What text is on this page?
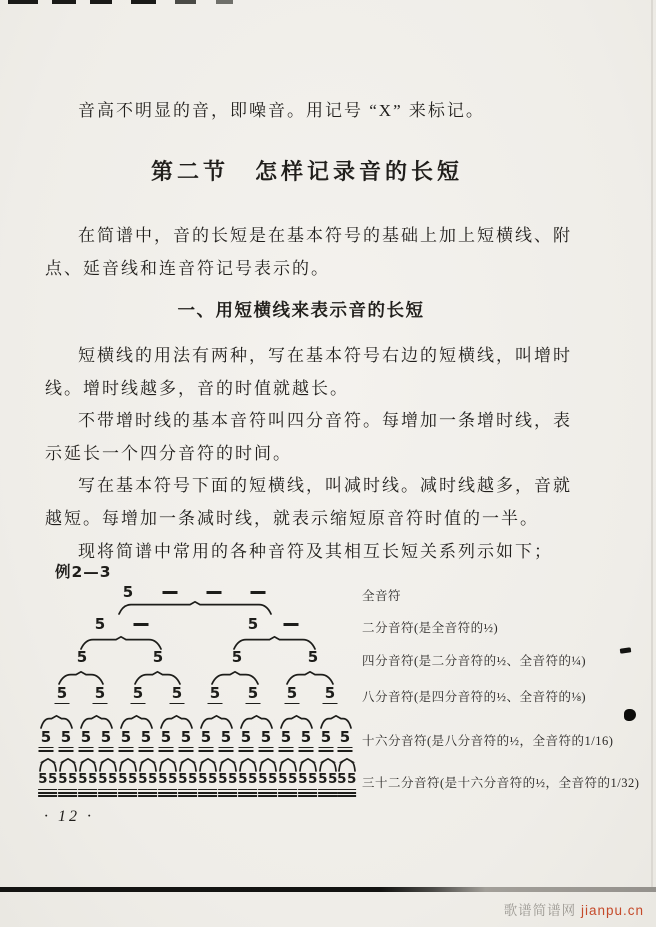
音高不明显的音，即噪音。用记号 “X” 来标记。
第二节　怎样记录音的长短
在简谱中，音的长短是在基本符号的基础上加上短横线、附
点、延音线和连音符记号表示的。
一、用短横线来表示音的长短
短横线的用法有两种，写在基本符号右边的短横线，叫增时
线。增时线越多，音的时值就越长。
不带增时线的基本音符叫四分音符。每增加一条增时线，表
示延长一个四分音符的时间。
写在基本符号下面的短横线，叫减时线。减时线越多，音就
越短。每增加一条减时线，就表示缩短原音符时值的一半。
现将简谱中常用的各种音符及其相互长短关系列示如下；
例2—3
5	全音符
5	5	二分音符(是全音符的½)
5	5	5	5	四分音符(是二分音符的½、全音符的¼)
5 5 5 5 5 5 5 5 八分音符(是四分音符的½、全音符的⅛)
5 5 5 5 5 5 5 5 5 5 5 5 5 5 5 5 十六分音符(是八分音符的½，全音符的1/16)
55 55 55 55 55 55 55 55 55 55 55 55 55 55 55 55 三十二分音符(是十六分音符的½，全音符的1/32)
· 12 ·
歌谱简谱网 jianpu.cn
